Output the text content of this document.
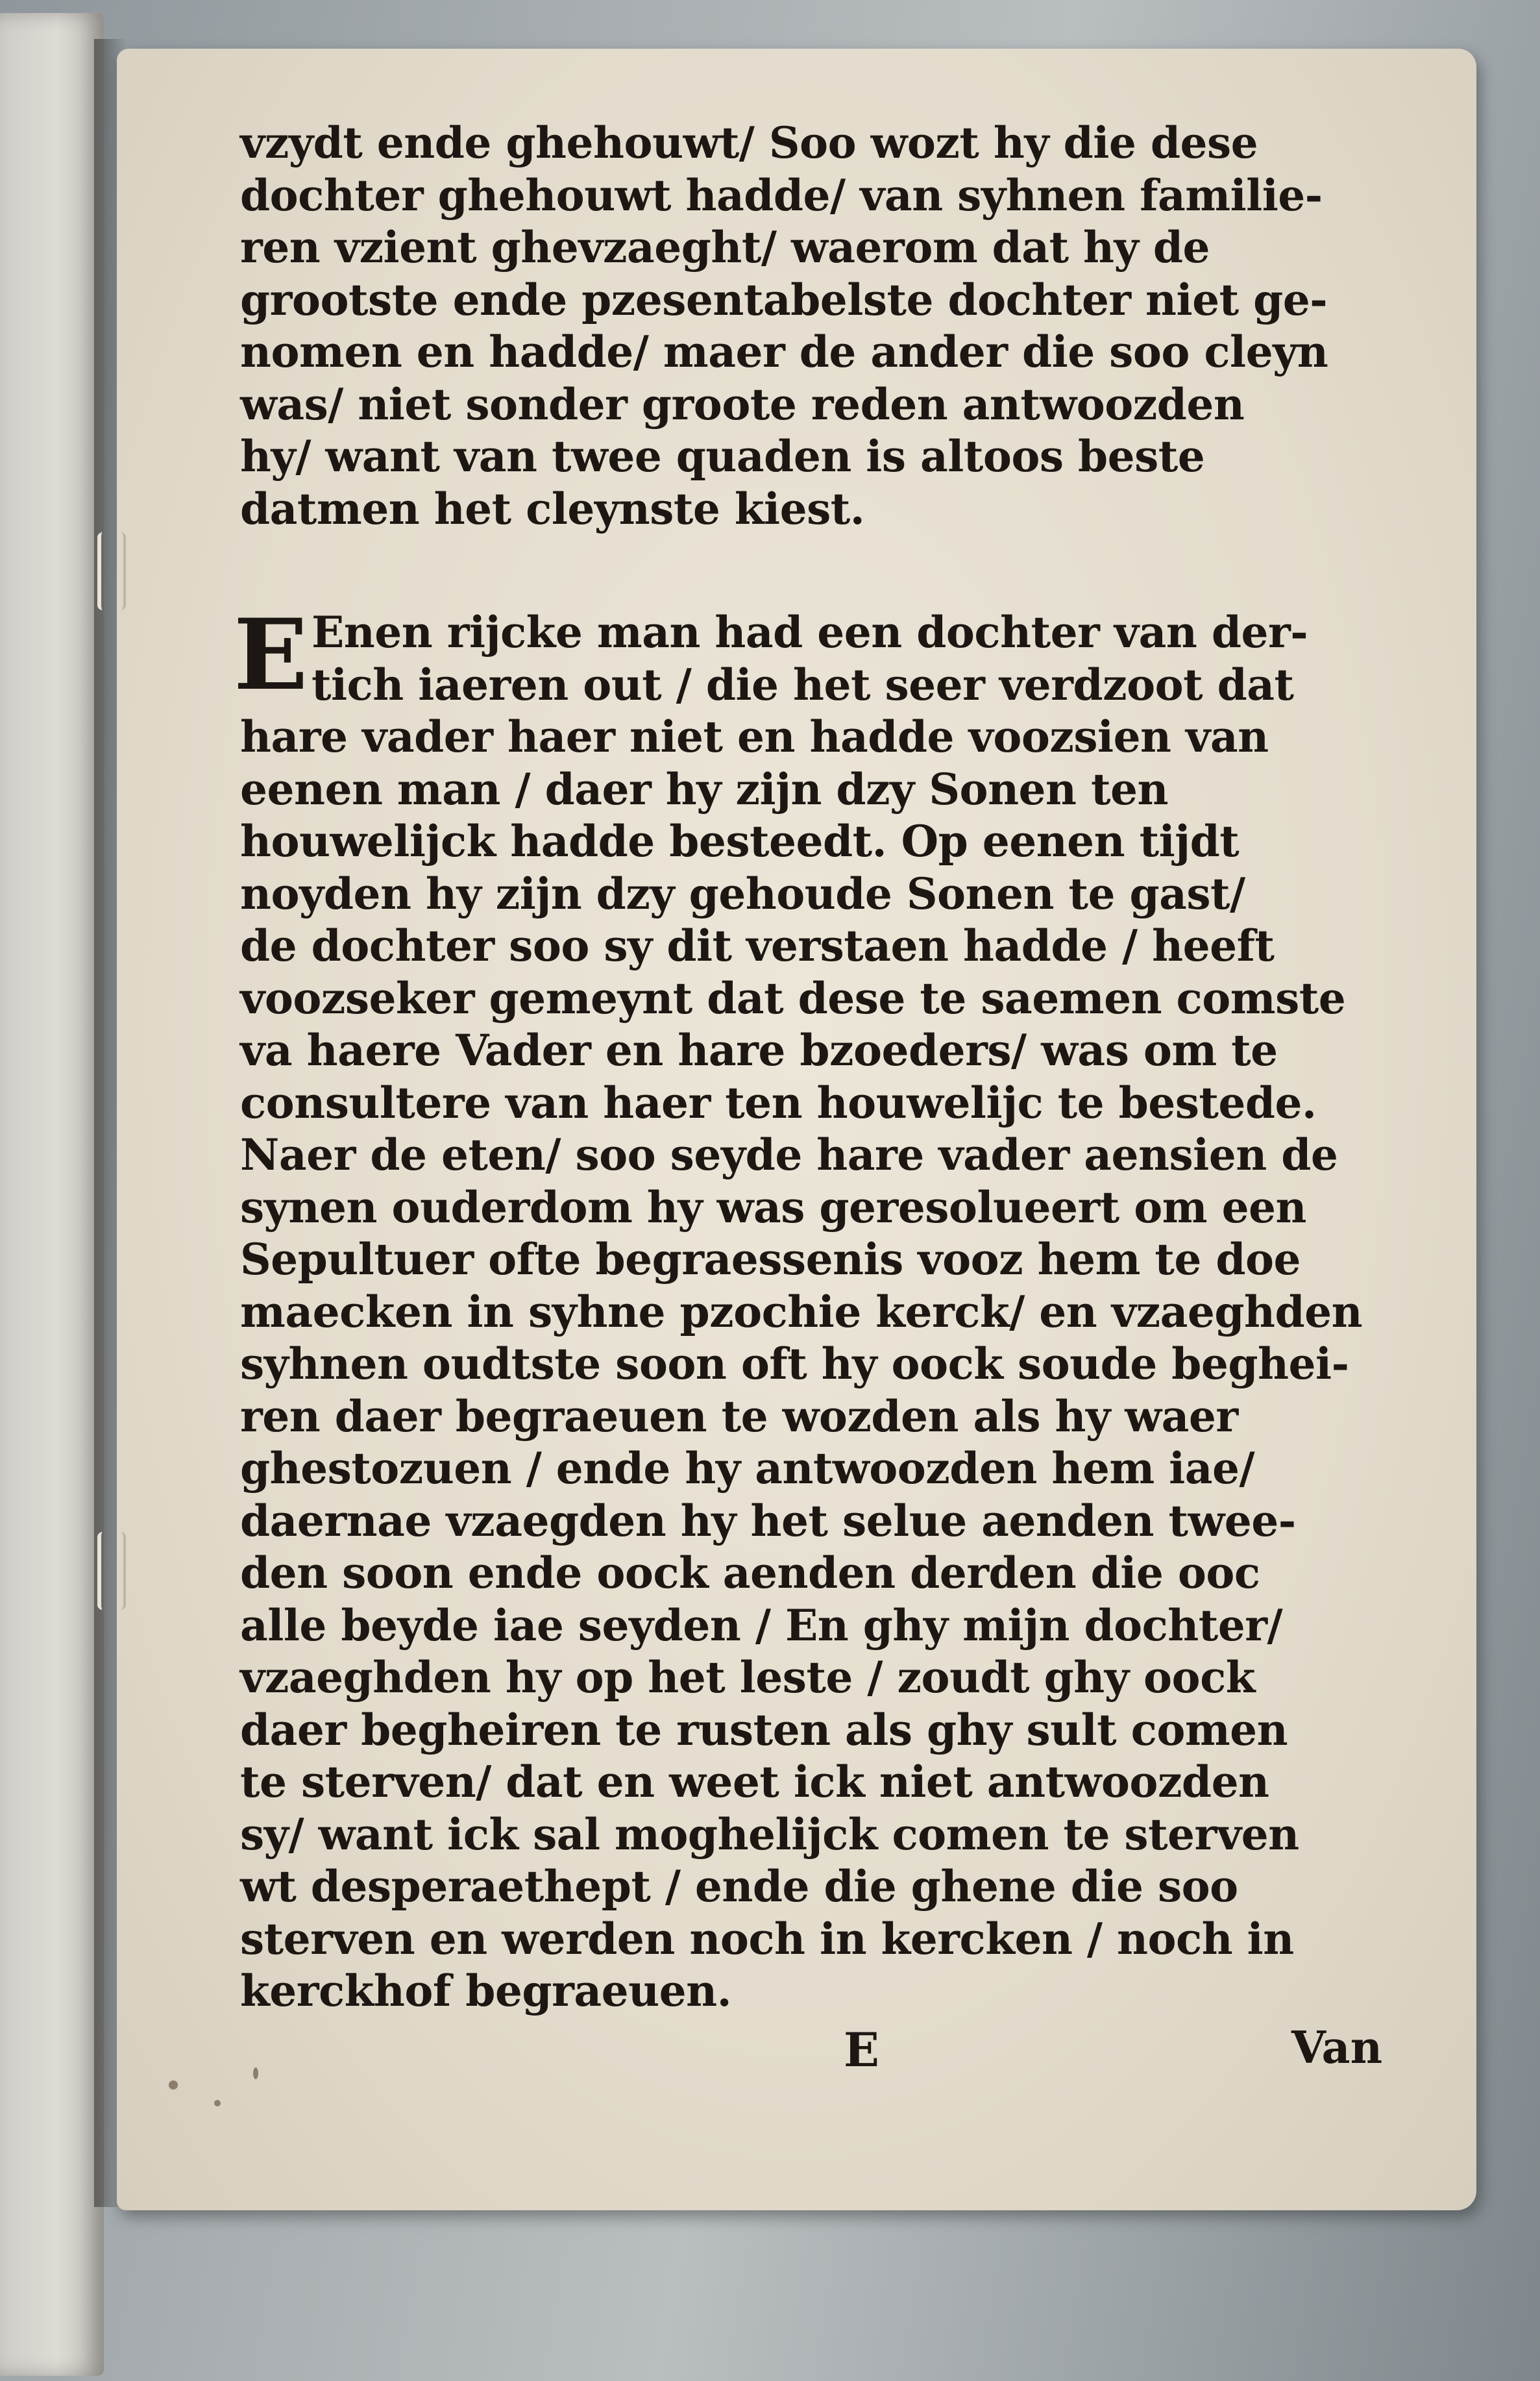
vzydt ende ghehouwt/ Soo wozt hy die dese
dochter ghehouwt hadde/ van syhnen familie-
ren vzient ghevzaeght/ waerom dat hy de
grootste ende pzesentabelste dochter niet ge-
nomen en hadde/ maer de ander die soo cleyn
was/ niet sonder groote reden antwoozden
hy/ want van twee quaden is altoos beste
datmen het cleynste kiest.
E Enen rijcke man had een dochter van der-
tich iaeren out / die het seer verdzoot dat
hare vader haer niet en hadde voozsien van
eenen man / daer hy zijn dzy Sonen ten
houwelijck hadde besteedt. Op eenen tijdt
noyden hy zijn dzy gehoude Sonen te gast/
de dochter soo sy dit verstaen hadde / heeft
voozseker gemeynt dat dese te saemen comste
va haere Vader en hare bzoeders/ was om te
consultere van haer ten houwelijc te bestede.
Naer de eten/ soo seyde hare vader aensien de
synen ouderdom hy was geresolueert om een
Sepultuer ofte begraessenis vooz hem te doe
maecken in syhne pzochie kerck/ en vzaeghden
syhnen oudtste soon oft hy oock soude beghei-
ren daer begraeuen te wozden als hy waer
ghestozuen / ende hy antwoozden hem iae/
daernae vzaegden hy het selue aenden twee-
den soon ende oock aenden derden die ooc
alle beyde iae seyden / En ghy mijn dochter/
vzaeghden hy op het leste / zoudt ghy oock
daer begheiren te rusten als ghy sult comen
te sterven/ dat en weet ick niet antwoozden
sy/ want ick sal moghelijck comen te sterven
wt desperaethept / ende die ghene die soo
sterven en werden noch in kercken / noch in
kerckhof begraeuen.
E	Van
